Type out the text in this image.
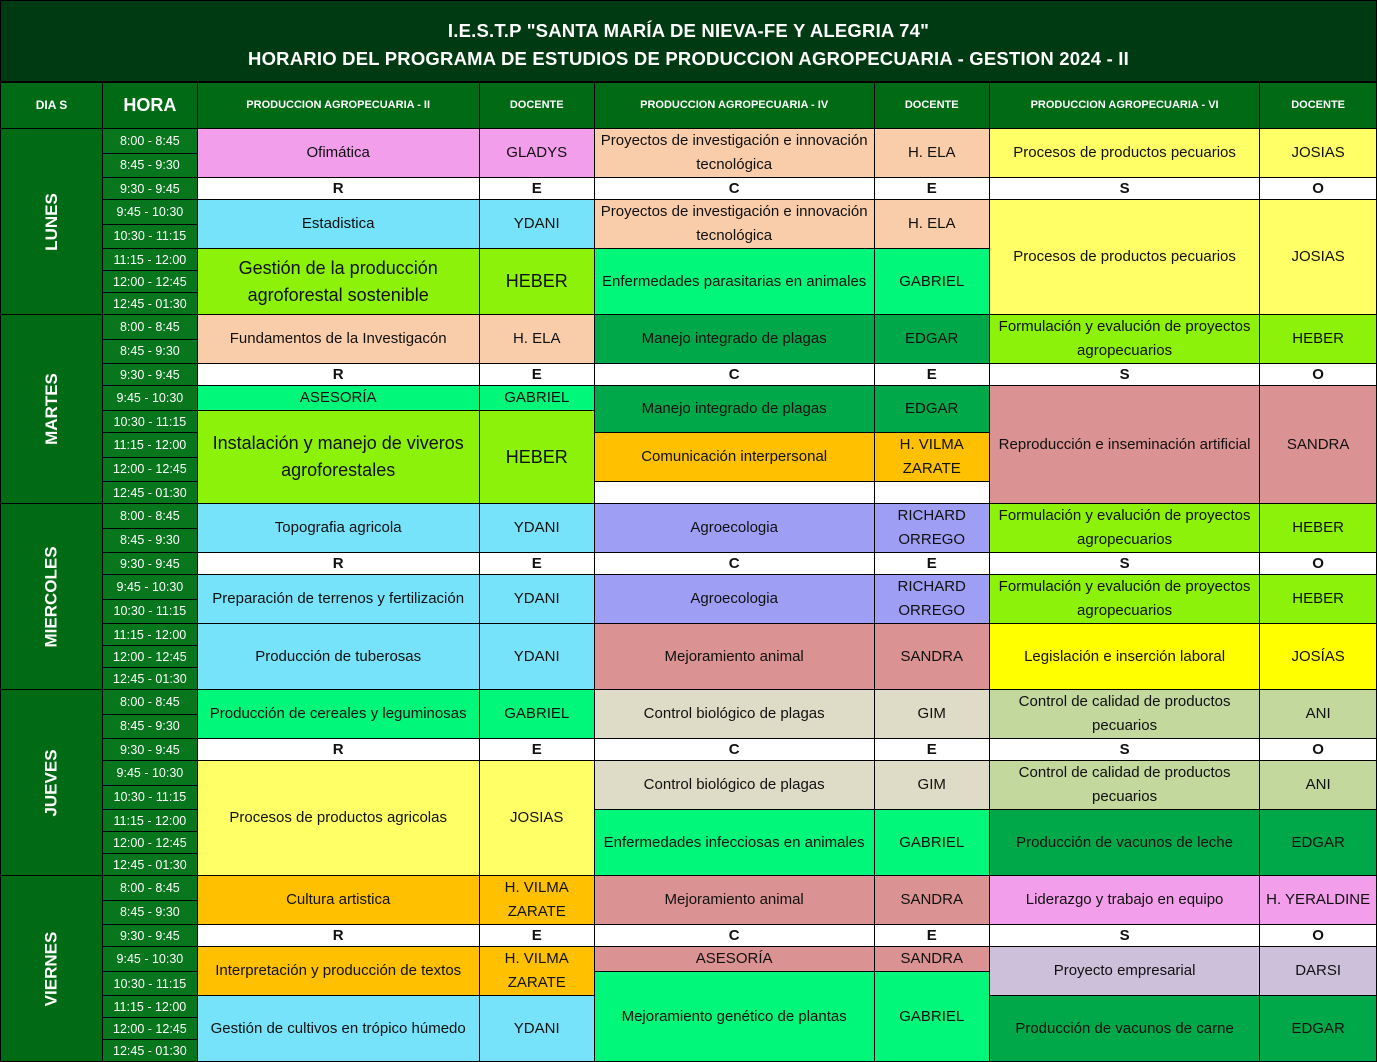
I.E.S.T.P "SANTA MARÍA DE NIEVA-FE Y ALEGRIA 74"
HORARIO DEL PROGRAMA DE ESTUDIOS DE PRODUCCION AGROPECUARIA - GESTION 2024 - II
DIA S	HORA	PRODUCCION AGROPECUARIA - II	DOCENTE	PRODUCCION AGROPECUARIA - IV	DOCENTE	PRODUCCION AGROPECUARIA - VI	DOCENTE
LUNES	8:00 - 8:45	Ofimática	GLADYS	Proyectos de investigación e innovación tecnológica	H. ELA	Procesos de productos pecuarios	JOSIAS
	8:45 - 9:30						
	9:30 - 9:45	R	E	C	E	S	O
	9:45 - 10:30	Estadistica	YDANI	Proyectos de investigación e innovación tecnológica	H. ELA	Procesos de productos pecuarios	JOSIAS
	10:30 - 11:15						
	11:15 - 12:00	Gestión de la producción agroforestal sostenible	HEBER	Enfermedades parasitarias en animales	GABRIEL		
	12:00 - 12:45						
	12:45 - 01:30						
MARTES	8:00 - 8:45	Fundamentos de la Investigacón	H. ELA	Manejo integrado de plagas	EDGAR	Formulación y evalución de proyectos agropecuarios	HEBER
	8:45 - 9:30						
	9:30 - 9:45	R	E	C	E	S	O
	9:45 - 10:30	ASESORÍA	GABRIEL	Manejo integrado de plagas	EDGAR	Reproducción e inseminación artificial	SANDRA
	10:30 - 11:15	Instalación y manejo de viveros agroforestales	HEBER				
	11:15 - 12:00			Comunicación interpersonal	H. VILMA ZARATE		
	12:00 - 12:45						
	12:45 - 01:30						
MIERCOLES	8:00 - 8:45	Topografia agricola	YDANI	Agroecologia	RICHARD ORREGO	Formulación y evalución de proyectos agropecuarios	HEBER
	8:45 - 9:30						
	9:30 - 9:45	R	E	C	E	S	O
	9:45 - 10:30	Preparación de terrenos y fertilización	YDANI	Agroecologia	RICHARD ORREGO	Formulación y evalución de proyectos agropecuarios	HEBER
	10:30 - 11:15						
	11:15 - 12:00	Producción de tuberosas	YDANI	Mejoramiento animal	SANDRA	Legislación e inserción laboral	JOSÍAS
	12:00 - 12:45						
	12:45 - 01:30						
JUEVES	8:00 - 8:45	Producción de cereales y leguminosas	GABRIEL	Control biológico de plagas	GIM	Control de calidad de productos pecuarios	ANI
	8:45 - 9:30						
	9:30 - 9:45	R	E	C	E	S	O
	9:45 - 10:30	Procesos de productos agricolas	JOSIAS	Control biológico de plagas	GIM	Control de calidad de productos pecuarios	ANI
	10:30 - 11:15						
	11:15 - 12:00			Enfermedades infecciosas en animales	GABRIEL	Producción de vacunos de leche	EDGAR
	12:00 - 12:45						
	12:45 - 01:30						
VIERNES	8:00 - 8:45	Cultura artistica	H. VILMA ZARATE	Mejoramiento animal	SANDRA	Liderazgo y trabajo en equipo	H. YERALDINE
	8:45 - 9:30						
	9:30 - 9:45	R	E	C	E	S	O
	9:45 - 10:30	Interpretación y producción de textos	H. VILMA ZARATE	ASESORÍA	SANDRA	Proyecto empresarial	DARSI
	10:30 - 11:15			Mejoramiento genético de plantas	GABRIEL		
	11:15 - 12:00	Gestión de cultivos en trópico húmedo	YDANI			Producción de vacunos de carne	EDGAR
	12:00 - 12:45						
	12:45 - 01:30						
